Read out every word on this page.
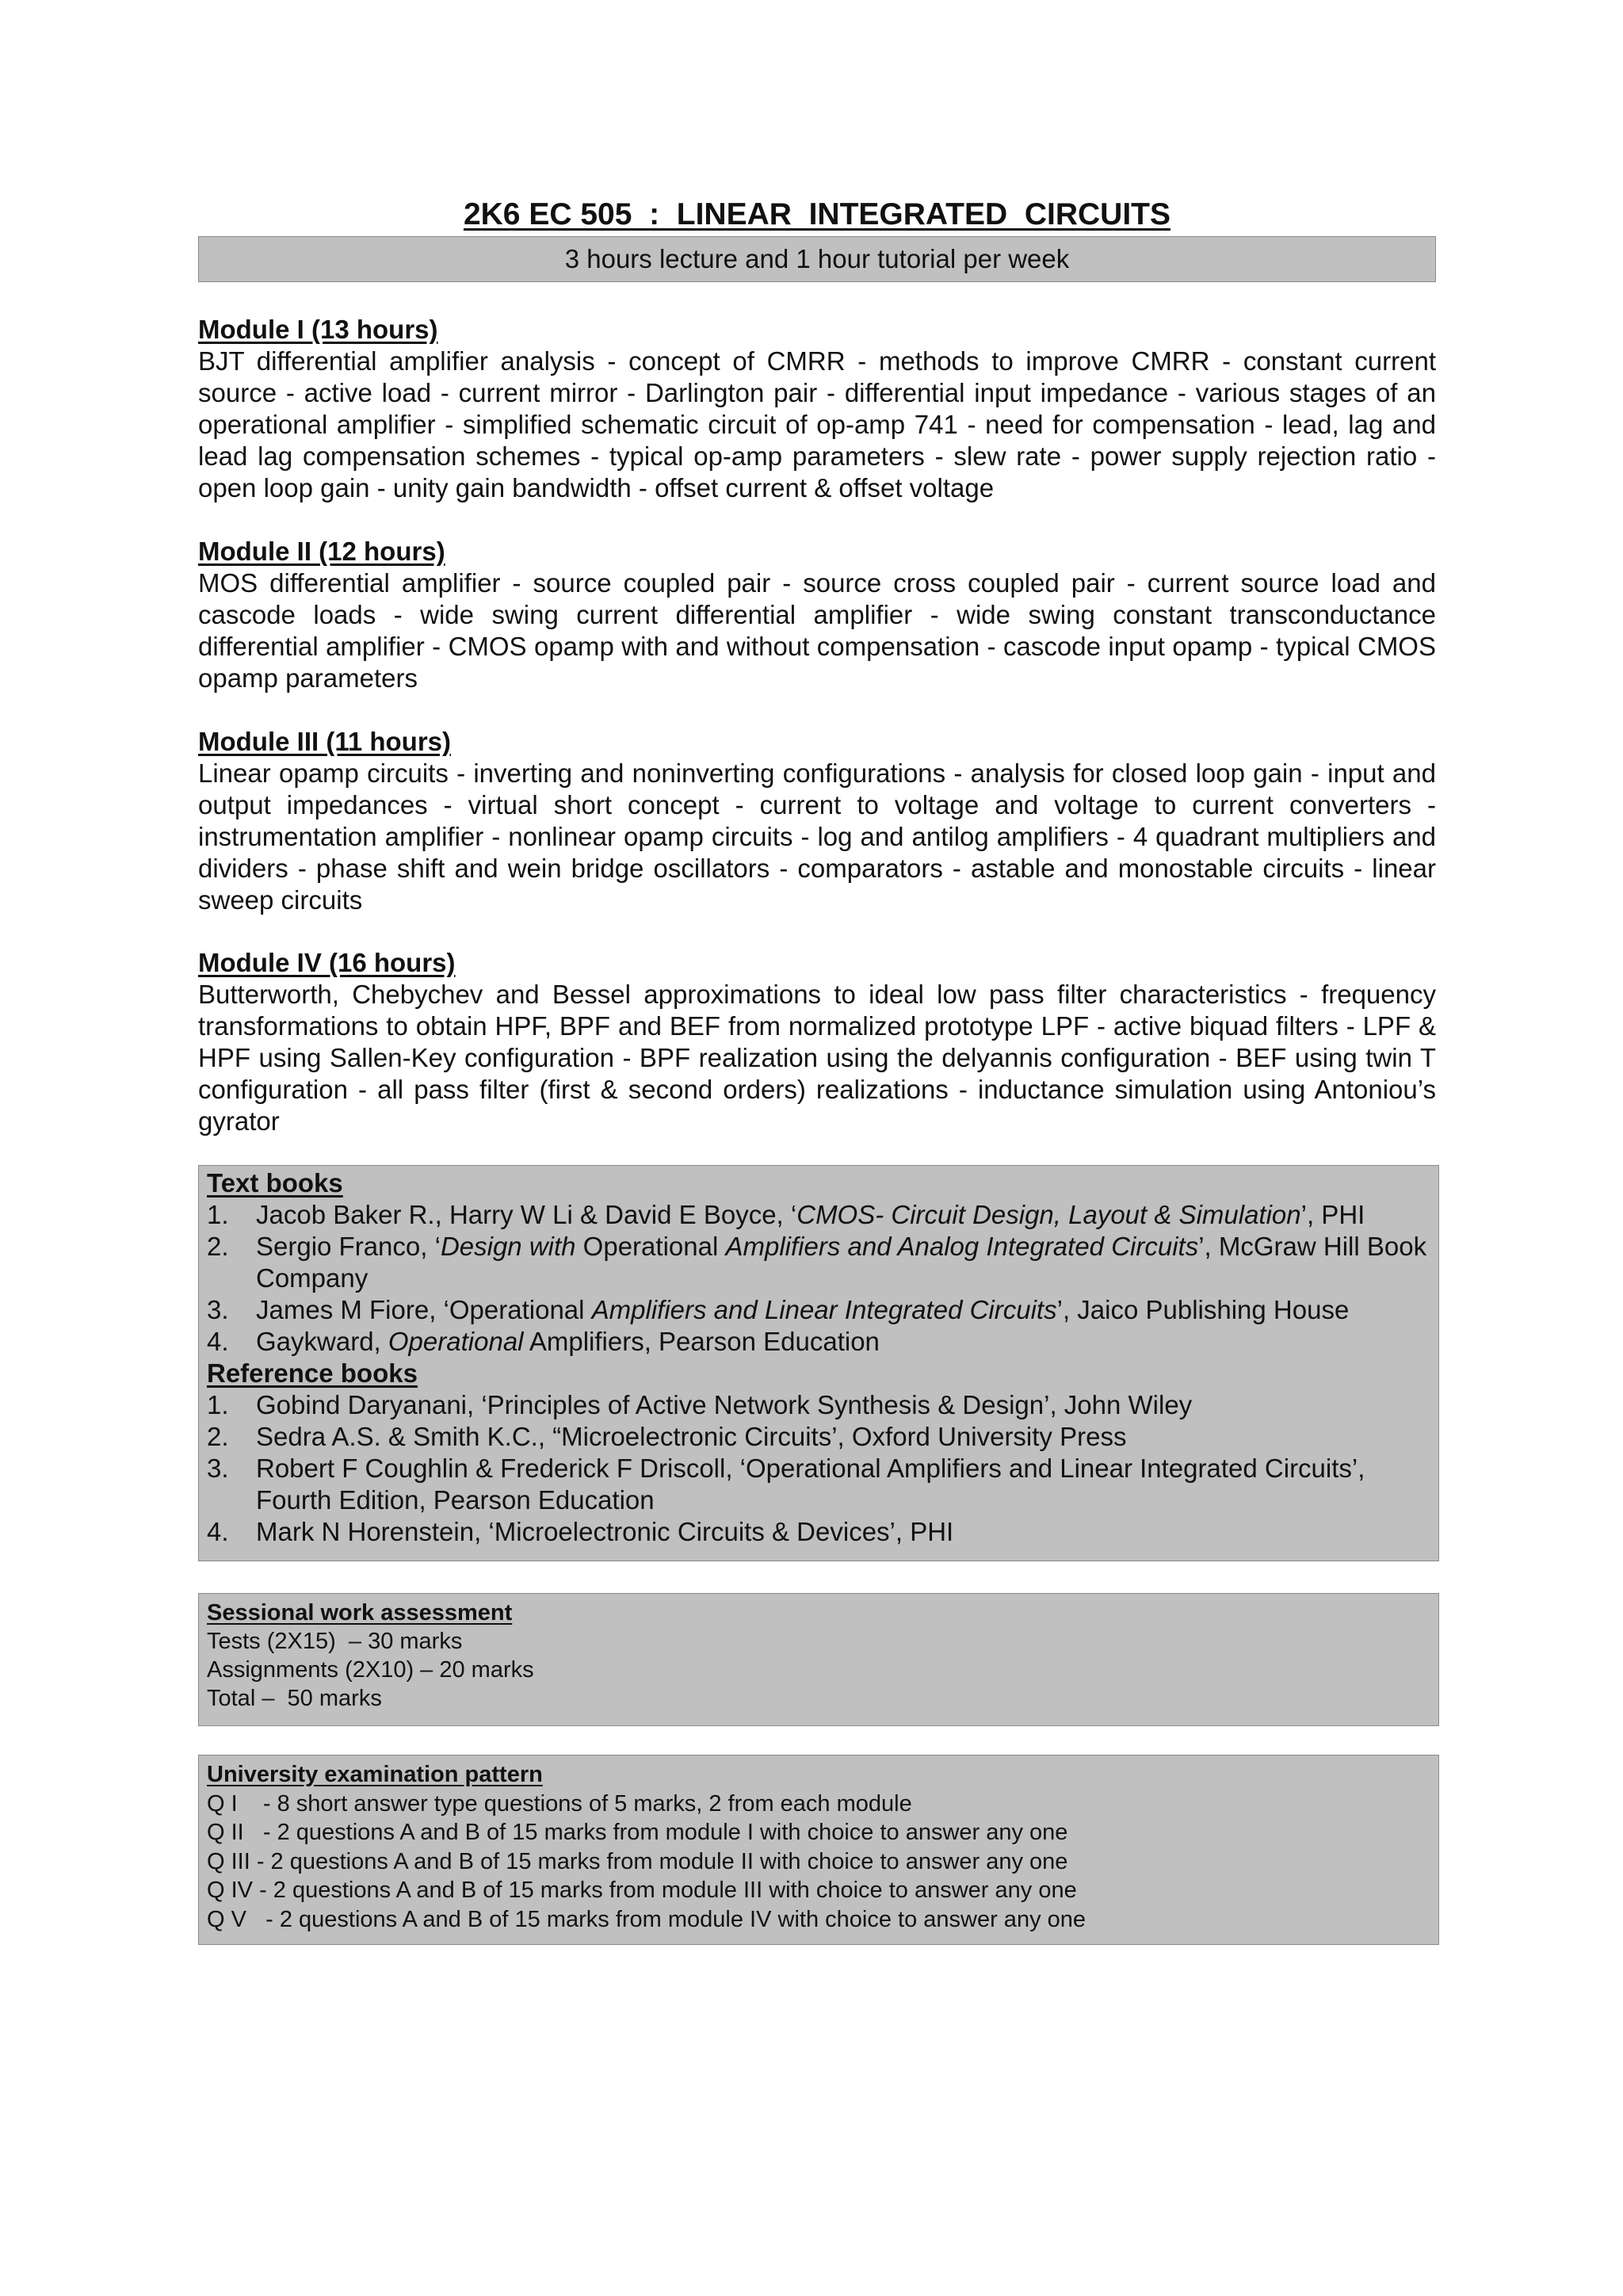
2K6 EC 505  :  LINEAR  INTEGRATED  CIRCUITS
3 hours lecture and 1 hour tutorial per week
Module I (13 hours)
BJT differential amplifier analysis - concept of CMRR - methods to improve CMRR - constant current source - active load - current mirror - Darlington pair - differential input impedance - various stages of an operational amplifier - simplified schematic circuit of op-amp 741 - need for compensation - lead, lag and lead lag compensation schemes - typical op-amp parameters - slew rate - power supply rejection ratio - open loop gain - unity gain bandwidth - offset current & offset voltage
Module II (12 hours)
MOS differential amplifier - source coupled pair - source cross coupled pair - current source load and cascode loads - wide swing current differential amplifier - wide swing constant transconductance differential amplifier - CMOS opamp with and without compensation - cascode input opamp - typical CMOS opamp parameters
Module III (11 hours)
Linear opamp circuits - inverting and noninverting configurations - analysis for closed loop gain - input and output impedances - virtual short concept - current to voltage and voltage to current converters - instrumentation amplifier - nonlinear opamp circuits - log and antilog amplifiers - 4 quadrant multipliers and dividers - phase shift and wein bridge oscillators - comparators - astable and monostable circuits - linear sweep circuits
Module IV (16 hours)
Butterworth, Chebychev and Bessel approximations to ideal low pass filter characteristics - frequency transformations to obtain HPF, BPF and BEF from normalized prototype LPF - active biquad filters - LPF & HPF using Sallen-Key configuration - BPF realization using the delyannis configuration - BEF using twin T configuration - all pass filter (first & second orders) realizations - inductance simulation using Antoniou’s gyrator
Text books
1. Jacob Baker R., Harry W Li & David E Boyce, ‘CMOS- Circuit Design, Layout & Simulation’, PHI
2. Sergio Franco, ‘Design with Operational Amplifiers and Analog Integrated Circuits’, McGraw Hill Book Company
3. James M Fiore, ‘Operational Amplifiers and Linear Integrated Circuits’, Jaico Publishing House
4. Gaykward, Operational Amplifiers, Pearson Education
Reference books
1. Gobind Daryanani, ‘Principles of Active Network Synthesis & Design’, John Wiley
2. Sedra A.S. & Smith K.C., “Microelectronic Circuits’, Oxford University Press
3. Robert F Coughlin & Frederick F Driscoll, ‘Operational Amplifiers and Linear Integrated Circuits’, Fourth Edition, Pearson Education
4. Mark N Horenstein, ‘Microelectronic Circuits & Devices’, PHI
Sessional work assessment
Tests (2X15)  – 30 marks
Assignments (2X10) – 20 marks
Total –  50 marks
University examination pattern
Q I    - 8 short answer type questions of 5 marks, 2 from each module
Q II   - 2 questions A and B of 15 marks from module I with choice to answer any one
Q III - 2 questions A and B of 15 marks from module II with choice to answer any one
Q IV - 2 questions A and B of 15 marks from module III with choice to answer any one
Q V   - 2 questions A and B of 15 marks from module IV with choice to answer any one
